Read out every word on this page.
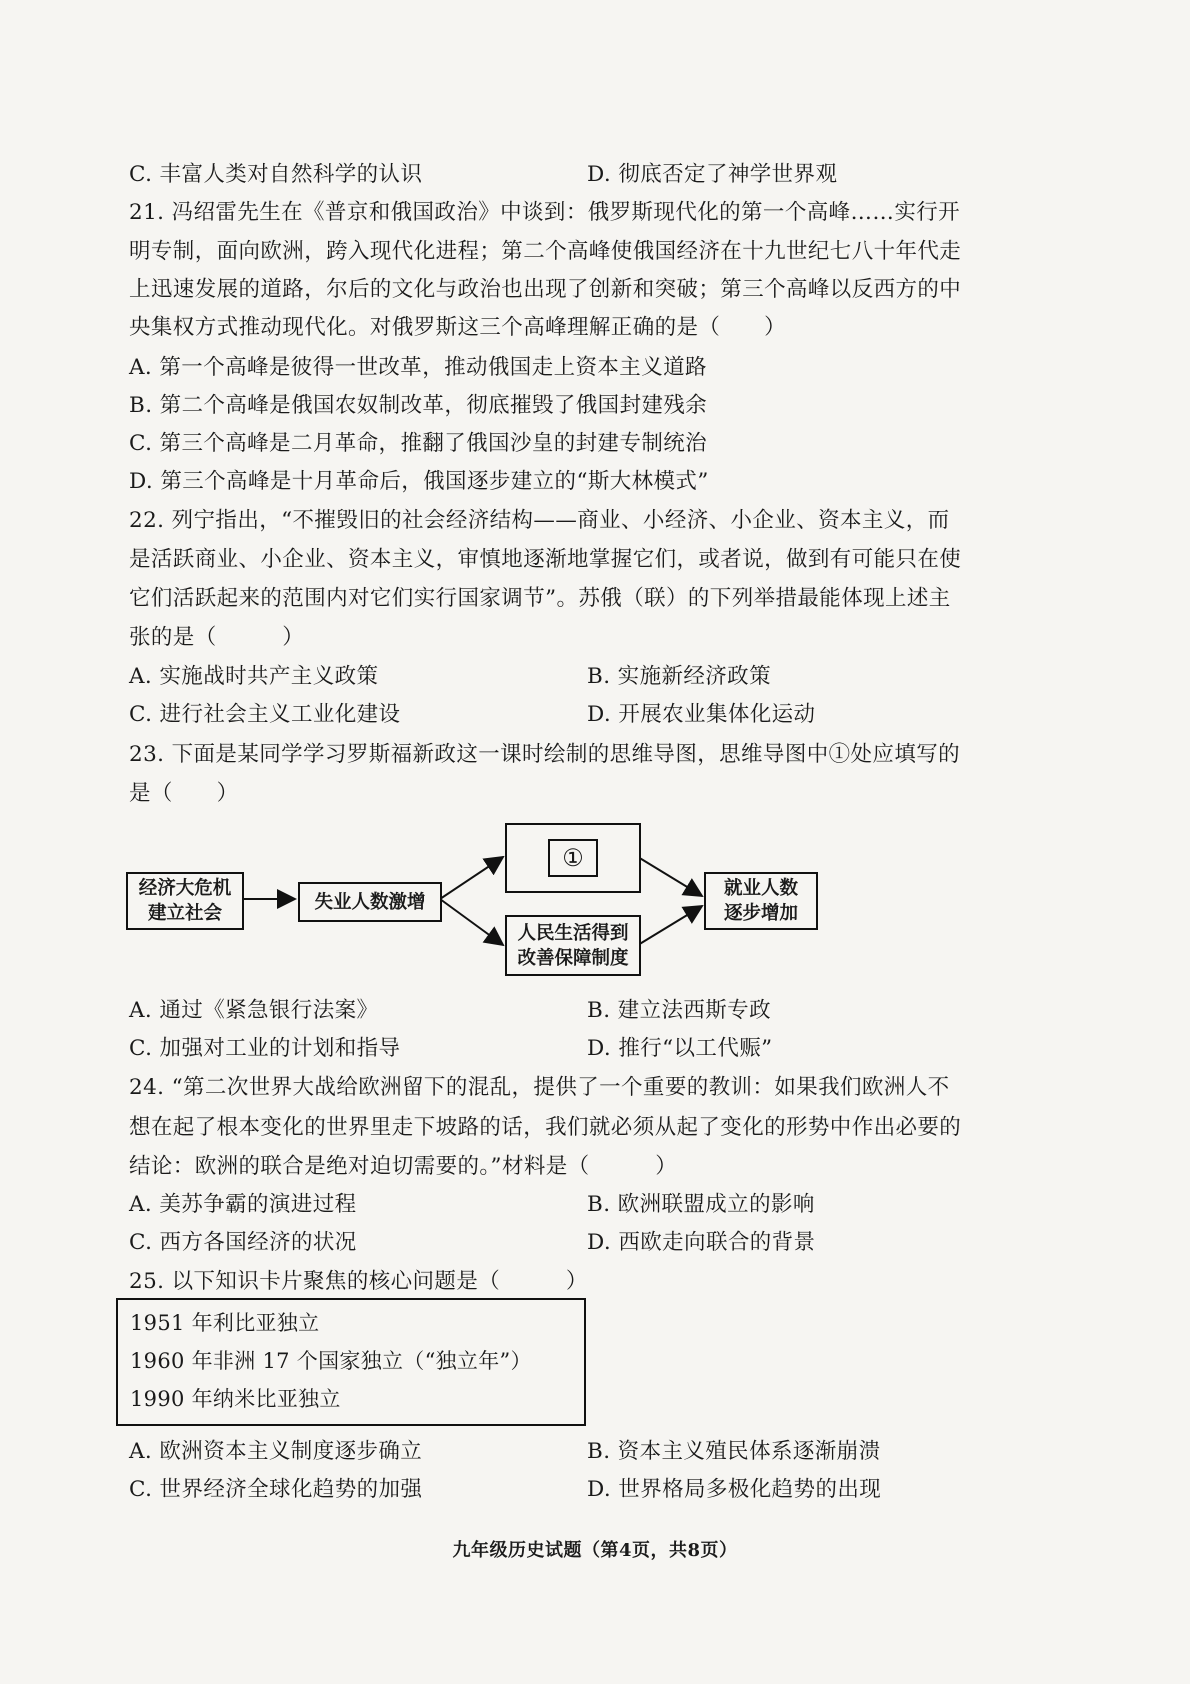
C. 丰富人类对自然科学的认识	D. 彻底否定了神学世界观
21. 冯绍雷先生在《普京和俄国政治》中谈到：俄罗斯现代化的第一个高峰……实行开
明专制，面向欧洲，跨入现代化进程；第二个高峰使俄国经济在十九世纪七八十年代走
上迅速发展的道路，尔后的文化与政治也出现了创新和突破；第三个高峰以反西方的中
央集权方式推动现代化。对俄罗斯这三个高峰理解正确的是（　　）
A. 第一个高峰是彼得一世改革，推动俄国走上资本主义道路
B. 第二个高峰是俄国农奴制改革，彻底摧毁了俄国封建残余
C. 第三个高峰是二月革命，推翻了俄国沙皇的封建专制统治
D. 第三个高峰是十月革命后，俄国逐步建立的“斯大林模式”
22. 列宁指出，“不摧毁旧的社会经济结构——商业、小经济、小企业、资本主义，而
是活跃商业、小企业、资本主义，审慎地逐渐地掌握它们，或者说，做到有可能只在使
它们活跃起来的范围内对它们实行国家调节”。苏俄（联）的下列举措最能体现上述主
张的是（　　　）
A. 实施战时共产主义政策	B. 实施新经济政策
C. 进行社会主义工业化建设	D. 开展农业集体化运动
23. 下面是某同学学习罗斯福新政这一课时绘制的思维导图，思维导图中①处应填写的
是（　　）
经济大危机
建立社会
失业人数激增
①
人民生活得到
改善保障制度
就业人数
逐步增加
A. 通过《紧急银行法案》	B. 建立法西斯专政
C. 加强对工业的计划和指导	D. 推行“以工代赈”
24. “第二次世界大战给欧洲留下的混乱，提供了一个重要的教训：如果我们欧洲人不
想在起了根本变化的世界里走下坡路的话，我们就必须从起了变化的形势中作出必要的
结论：欧洲的联合是绝对迫切需要的。”材料是（　　　）
A. 美苏争霸的演进过程	B. 欧洲联盟成立的影响
C. 西方各国经济的状况	D. 西欧走向联合的背景
25. 以下知识卡片聚焦的核心问题是（　　　）
1951 年利比亚独立
1960 年非洲 17 个国家独立（“独立年”）
1990 年纳米比亚独立
A. 欧洲资本主义制度逐步确立	B. 资本主义殖民体系逐渐崩溃
C. 世界经济全球化趋势的加强	D. 世界格局多极化趋势的出现
九年级历史试题（第4页，共8页）
